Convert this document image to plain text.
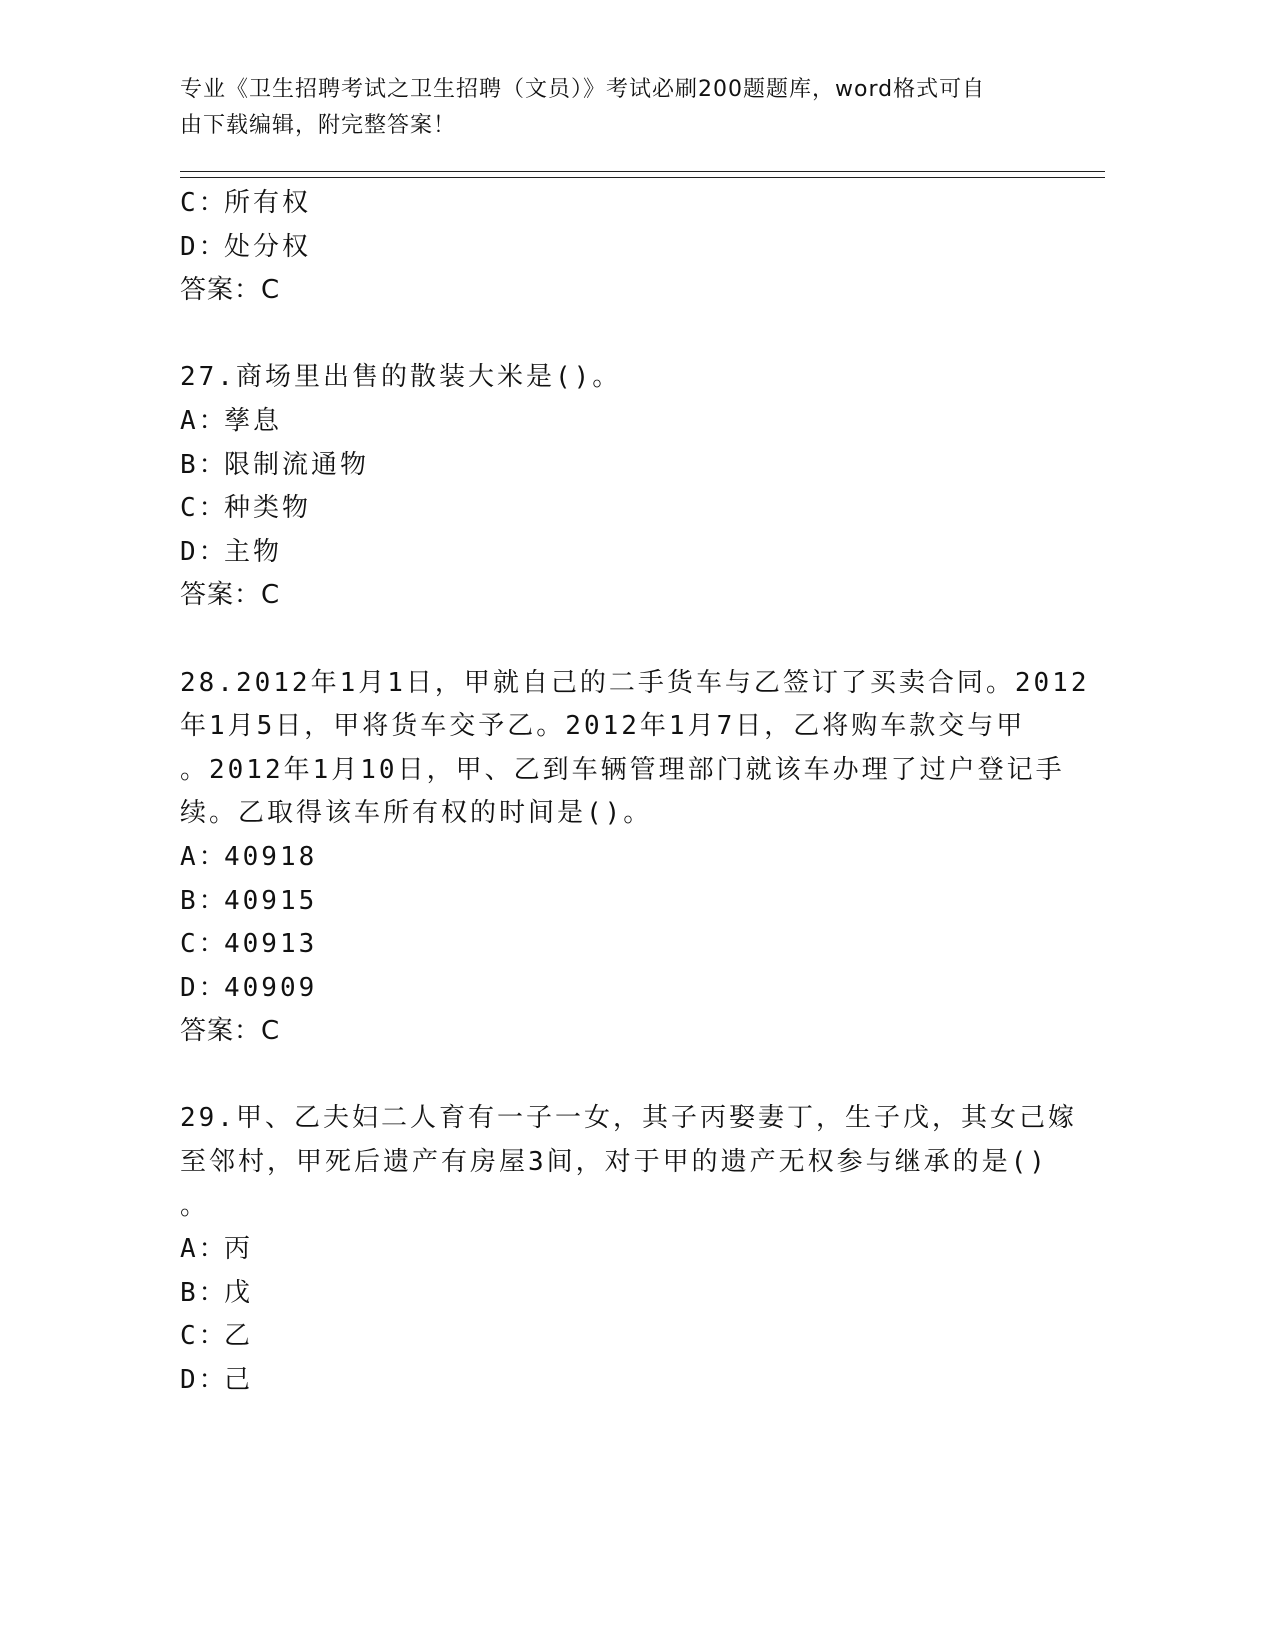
专业《卫生招聘考试之卫生招聘（文员）》考试必刷200题题库，word格式可自
由下载编辑，附完整答案！
C：所有权
D：处分权
答案：C
27.商场里出售的散装大米是()。
A：孳息
B：限制流通物
C：种类物
D：主物
答案：C
28.2012年1月1日，甲就自己的二手货车与乙签订了买卖合同。2012
年1月5日，甲将货车交予乙。2012年1月7日，乙将购车款交与甲
。2012年1月10日，甲、乙到车辆管理部门就该车办理了过户登记手
续。乙取得该车所有权的时间是()。
A：40918
B：40915
C：40913
D：40909
答案：C
29.甲、乙夫妇二人育有一子一女，其子丙娶妻丁，生子戊，其女己嫁
至邻村，甲死后遗产有房屋3间，对于甲的遗产无权参与继承的是()
。
A：丙
B：戊
C：乙
D：己
